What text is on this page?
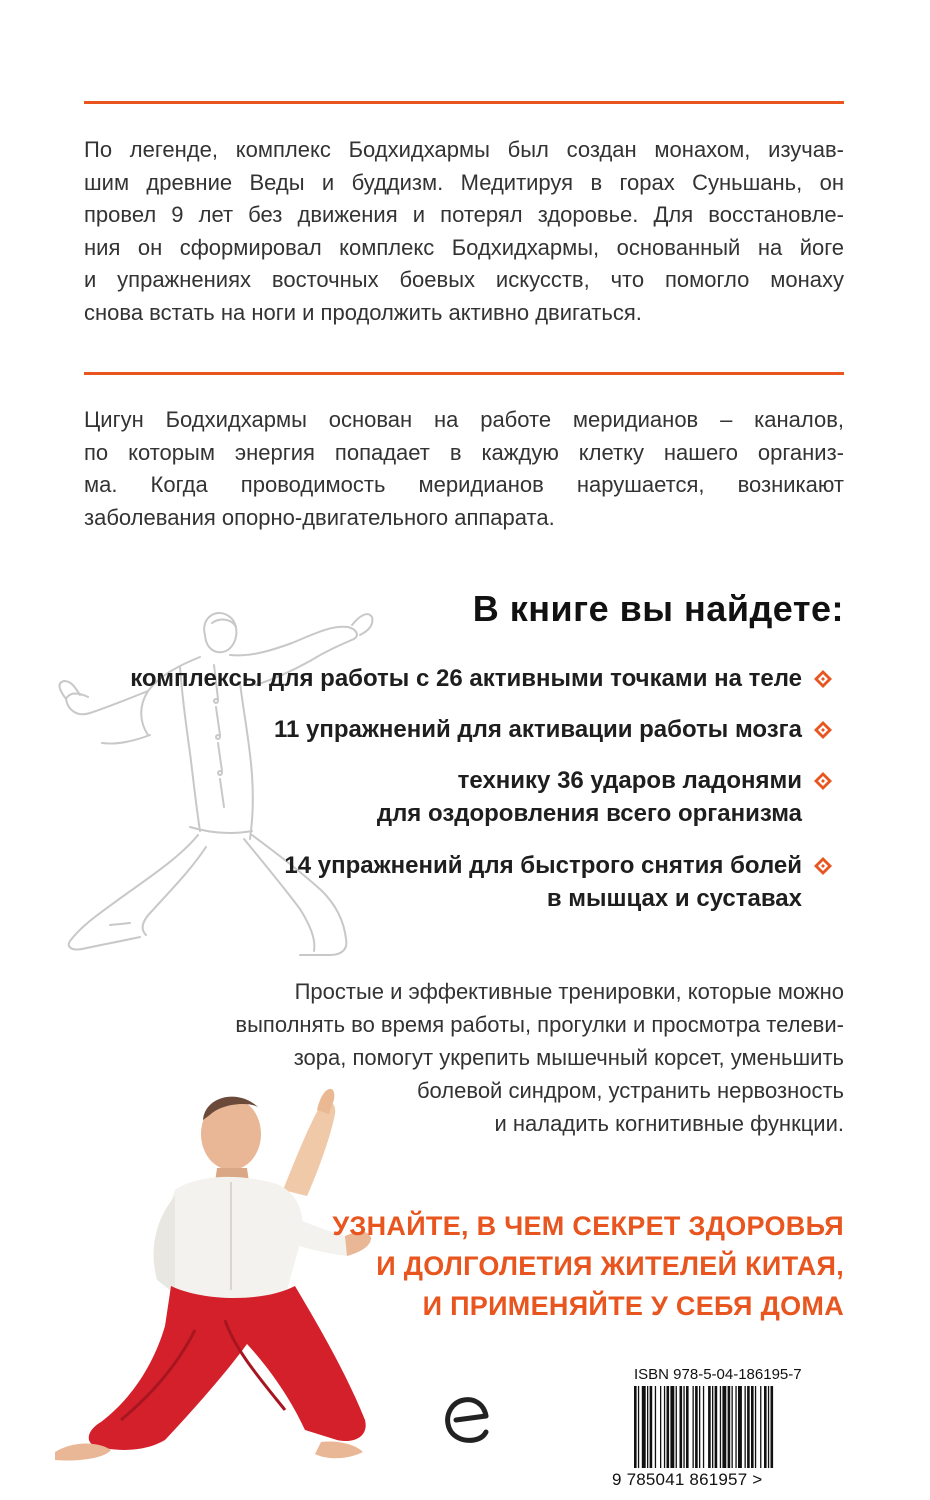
По легенде, комплекс Бодхидхармы был создан монахом, изучав-
шим древние Веды и буддизм. Медитируя в горах Суньшань, он
провел 9 лет без движения и потерял здоровье. Для восстановле-
ния он сформировал комплекс Бодхидхармы, основанный на йоге
и упражнениях восточных боевых искусств, что помогло монаху
снова встать на ноги и продолжить активно двигаться.

Цигун Бодхидхармы основан на работе меридианов – каналов,
по которым энергия попадает в каждую клетку нашего организ-
ма. Когда проводимость меридианов нарушается, возникают
заболевания опорно-двигательного аппарата.

В книге вы найдете:

комплексы для работы с 26 активными точками на теле

11 упражнений для активации работы мозга

технику 36 ударов ладонями
для оздоровления всего организма

14 упражнений для быстрого снятия болей
в мышцах и суставах

Простые и эффективные тренировки, которые можно
выполнять во время работы, прогулки и просмотра телеви-
зора, помогут укрепить мышечный корсет, уменьшить
болевой синдром, устранить нервозность
и наладить когнитивные функции.

УЗНАЙТЕ, В ЧЕМ СЕКРЕТ ЗДОРОВЬЯ
И ДОЛГОЛЕТИЯ ЖИТЕЛЕЙ КИТАЯ,
И ПРИМЕНЯЙТЕ У СЕБЯ ДОМА

ISBN 978-5-04-186195-7
9 785041 861957 >
